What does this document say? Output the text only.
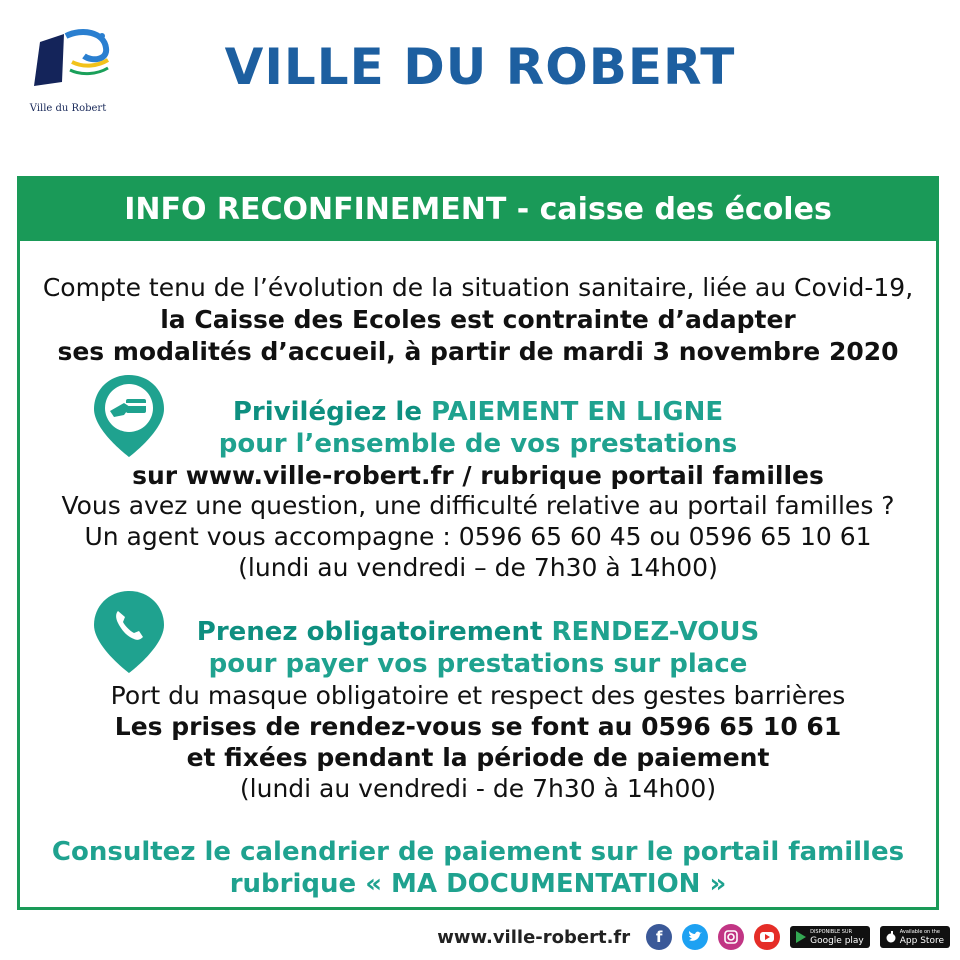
Ville du Robert
VILLE DU ROBERT
INFO RECONFINEMENT - caisse des écoles
Compte tenu de l’évolution de la situation sanitaire, liée au Covid-19,
la Caisse des Ecoles est contrainte d’adapter
ses modalités d’accueil, à partir de mardi 3 novembre 2020
Privilégiez le PAIEMENT EN LIGNE
pour l’ensemble de vos prestations
sur www.ville-robert.fr / rubrique portail familles
Vous avez une question, une difficulté relative au portail familles ?
Un agent vous accompagne : 0596 65 60 45 ou 0596 65 10 61
(lundi au vendredi – de 7h30 à 14h00)
Prenez obligatoirement RENDEZ-VOUS
pour payer vos prestations sur place
Port du masque obligatoire et respect des gestes barrières
Les prises de rendez-vous se font au 0596 65 10 61
et fixées pendant la période de paiement
(lundi au vendredi - de 7h30 à 14h00)
Consultez le calendrier de paiement sur le portail familles
rubrique « MA DOCUMENTATION »
www.ville-robert.fr	f	DISPONIBLE SUR
Google play
Available on the
App Store
